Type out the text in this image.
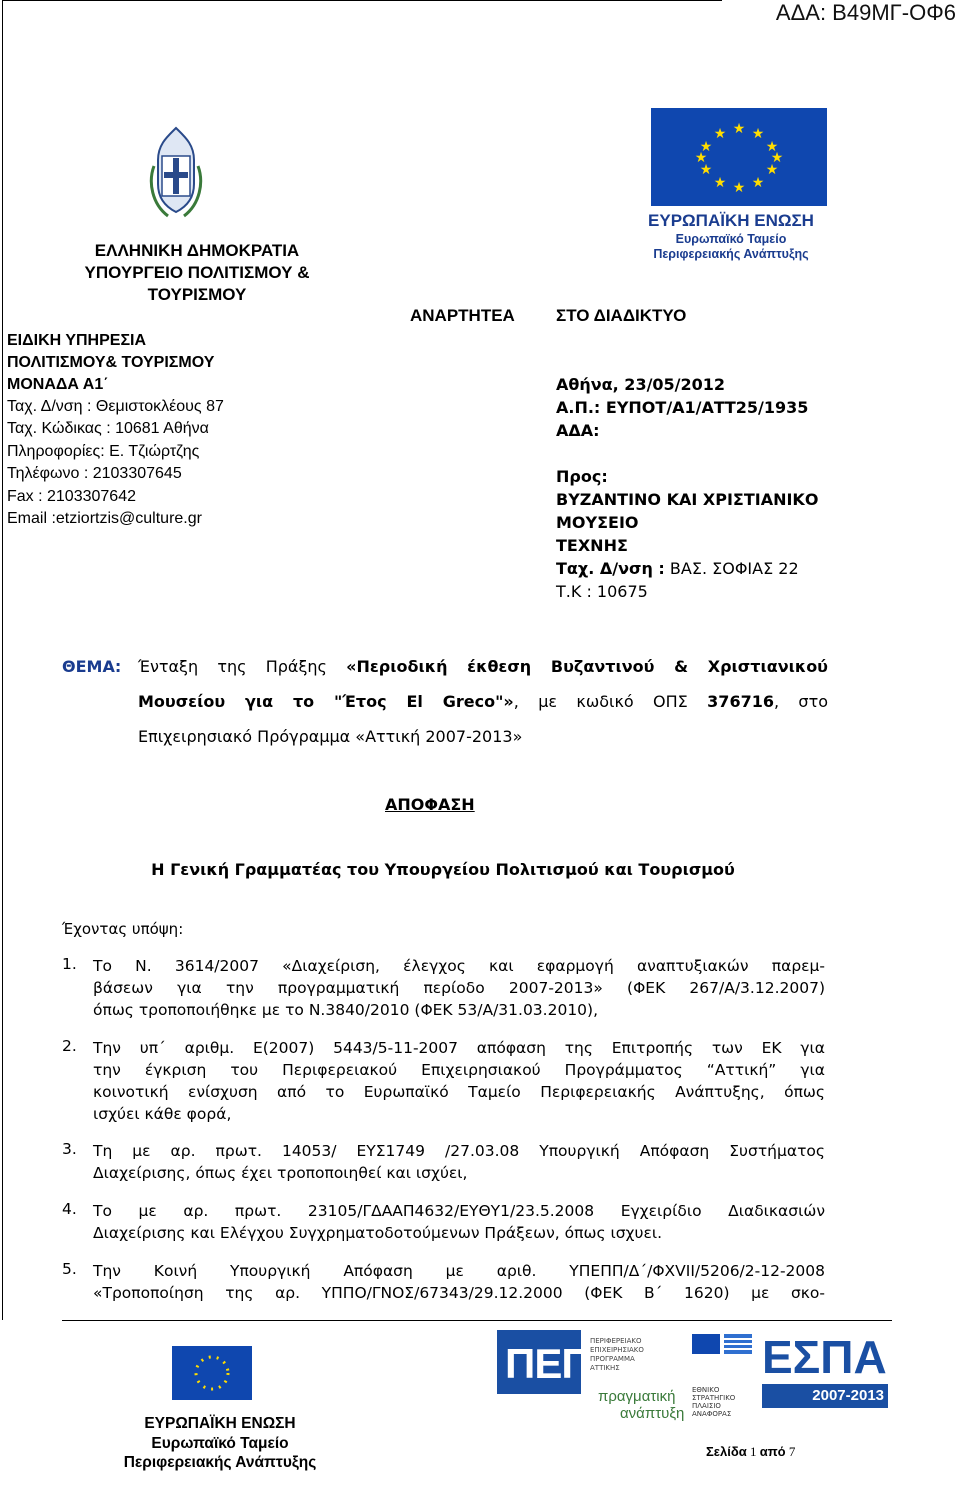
ΑΔΑ: Β49ΜΓ-ΟΦ6
ΕΛΛΗΝΙΚΗ ΔΗΜΟΚΡΑΤΙΑ
ΥΠΟΥΡΓΕΙΟ ΠΟΛΙΤΙΣΜΟΥ &
ΤΟΥΡΙΣΜΟΥ
ΕΙΔΙΚΗ ΥΠΗΡΕΣΙΑ
ΠΟΛΙΤΙΣΜΟΥ& ΤΟΥΡΙΣΜΟΥ
ΜΟΝΑΔΑ Α1΄
Ταχ. Δ/νση : Θεμιστοκλέους 87
Ταχ. Κώδικας : 10681 Αθήνα
Πληροφορίες: Ε. Τζιώρτζης
Τηλέφωνο : 2103307645
Fax : 2103307642
Email :etziortzis@culture.gr
★ ★
★
★
★
★
★
★
★
★
★
★
ΕΥΡΩΠΑΪΚΗ ΕΝΩΣΗ
Ευρωπαϊκό Ταμείο
Περιφερειακής Ανάπτυξης
ΑΝΑΡΤΗΤΕΑ ΣΤΟ ΔΙΑΔΙΚΤΥΟ
Αθήνα, 23/05/2012
Α.Π.: ΕΥΠΟΤ/Α1/ΑΤΤ25/1935
ΑΔΑ:
Προς:
ΒΥΖΑΝΤΙΝΟ ΚΑΙ ΧΡΙΣΤΙΑΝΙΚΟ
ΜΟΥΣΕΙΟ
ΤΕΧΝΗΣ
Ταχ. Δ/νση : ΒΑΣ. ΣΟΦΙΑΣ 22
Τ.Κ : 10675
ΘΕΜΑ: Ένταξη της Πράξης «Περιοδική έκθεση Βυζαντινού & Χριστιανικού
Μουσείου για το "Έτος El Greco"», με κωδικό ΟΠΣ 376716, στο
Επιχειρησιακό Πρόγραμμα «Αττική 2007-2013»
ΑΠΟΦΑΣΗ
Η Γενική Γραμματέας του Υπουργείου Πολιτισμού και Τουρισμού
Έχοντας υπόψη:
1. Το Ν. 3614/2007 «Διαχείριση, έλεγχος και εφαρμογή αναπτυξιακών παρεμ-
βάσεων για την προγραμματική περίοδο 2007-2013» (ΦΕΚ 267/Α/3.12.2007)
όπως τροποποιήθηκε με το Ν.3840/2010 (ΦΕΚ 53/Α/31.03.2010),
2. Την υπ΄ αριθμ. Ε(2007) 5443/5-11-2007 απόφαση της Επιτροπής των ΕΚ για
την έγκριση του Περιφερειακού Επιχειρησιακού Προγράμματος “Αττική” για
κοινοτική ενίσχυση από το Ευρωπαϊκό Ταμείο Περιφερειακής Ανάπτυξης, όπως
ισχύει κάθε φορά,
3. Τη με αρ. πρωτ. 14053/ ΕΥΣ1749 /27.03.08 Υπουργική Απόφαση Συστήματος
Διαχείρισης, όπως έχει τροποποιηθεί και ισχύει,
4. Το με αρ. πρωτ. 23105/ΓΔΑΑΠ4632/ΕΥΘΥ1/23.5.2008 Εγχειρίδιο Διαδικασιών
Διαχείρισης και Ελέγχου Συγχρηματοδοτούμενων Πράξεων, όπως ισχυει.
5. Την Κοινή Υπουργική Απόφαση με αριθ. ΥΠΕΠΠ/Δ΄/ΦΧVII/5206/2-12-2008
«Τροποποίηση της αρ. ΥΠΠΟ/ΓΝΟΣ/67343/29.12.2000 (ΦΕΚ Β΄ 1620) με σκο-
ΕΥΡΩΠΑΪΚΗ ΕΝΩΣΗ
Ευρωπαϊκό Ταμείο
Περιφερειακής Ανάπτυξης
ΠΕΠ ΠΕΡΙΦΕΡΕΙΑΚΟ ΕΠΙΧΕΙΡΗΣΙΑΚΟ ΠΡΟΓΡΑΜΜΑ ΑΤΤΙΚΗΣ
πραγματική
ανάπτυξη
ΕΣΠΑ
2007-2013
ΕΘΝΙΚΟ ΣΤΡΑΤΗΓΙΚΟ ΠΛΑΙΣΙΟ ΑΝΑΦΟΡΑΣ
Σελίδα 1 από 7
